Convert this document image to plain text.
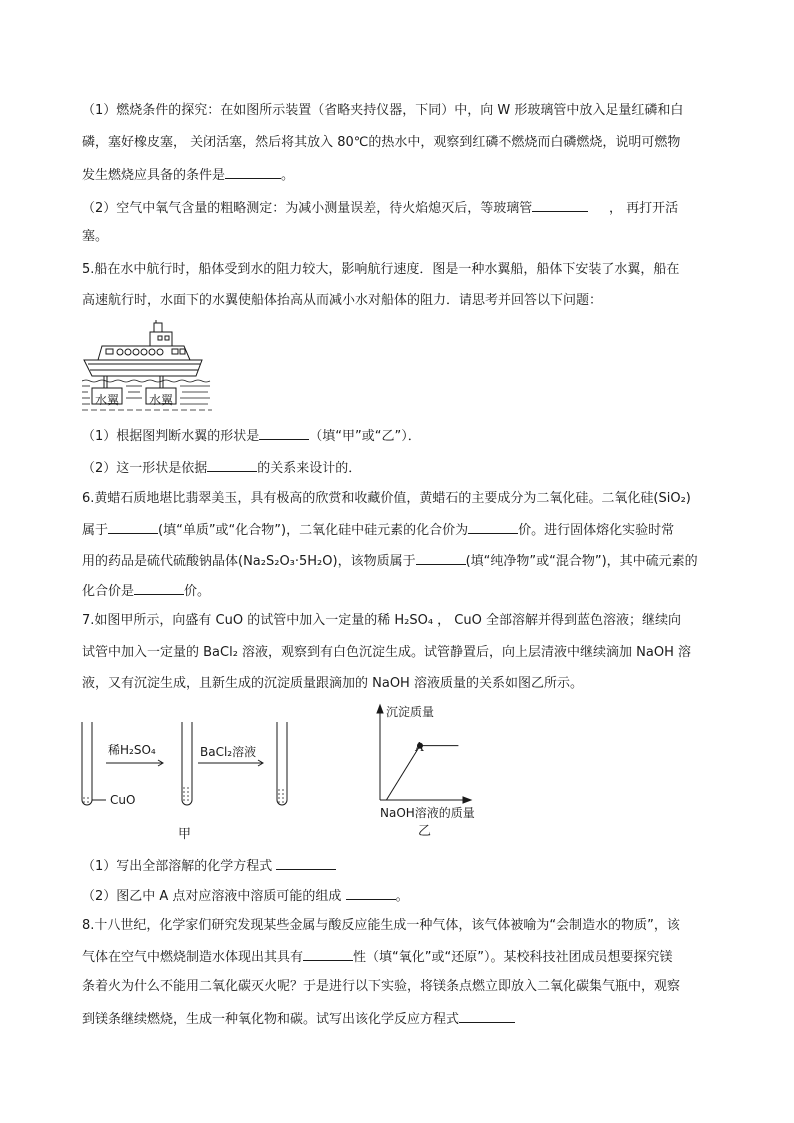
（1）燃烧条件的探究：在如图所示装置（省略夹持仪器，下同）中，向 W 形玻璃管中放入足量红磷和白
磷，塞好橡皮塞， 关闭活塞，然后将其放入 80℃的热水中，观察到红磷不燃烧而白磷燃烧，说明可燃物
发生燃烧应具备的条件是	。
（2）空气中氧气含量的粗略测定：为减小测量误差，待火焰熄灭后，等玻璃管	， 再打开活
塞。
5.船在水中航行时，船体受到水的阻力较大，影响航行速度．图是一种水翼船，船体下安装了水翼，船在
高速航行时，水面下的水翼使船体抬高从而减小水对船体的阻力．请思考并回答以下问题：
水翼 水翼
（1）根据图判断水翼的形状是	（填“甲”或“乙”）．
（2）这一形状是依据	的关系来设计的．
6.黄蜡石质地堪比翡翠美玉，具有极高的欣赏和收藏价值，黄蜡石的主要成分为二氧化硅。二氧化硅(SiO₂)
属于	(填“单质”或“化合物”)，二氧化硅中硅元素的化合价为	价。进行固体熔化实验时常
用的药品是硫代硫酸钠晶体(Na₂S₂O₃·5H₂O)，该物质属于	(填“纯净物”或“混合物”)，其中硫元素的
化合价是	价。
7.如图甲所示，向盛有 CuO 的试管中加入一定量的稀 H₂SO₄ ， CuO 全部溶解并得到蓝色溶液；继续向
试管中加入一定量的 BaCl₂ 溶液，观察到有白色沉淀生成。试管静置后，向上层清液中继续滴加 NaOH 溶
液，又有沉淀生成，且新生成的沉淀质量跟滴加的 NaOH 溶液质量的关系如图乙所示。
稀H₂SO₄	BaCl₂溶液
CuO
甲
A
沉淀质量
NaOH溶液的质量
乙
（1）写出全部溶解的化学方程式
（2）图乙中 A 点对应溶液中溶质可能的组成	。
8.十八世纪，化学家们研究发现某些金属与酸反应能生成一种气体，该气体被喻为“会制造水的物质”，该
气体在空气中燃烧制造水体现出其具有	性（填“氧化”或“还原”）。某校科技社团成员想要探究镁
条着火为什么不能用二氧化碳灭火呢？于是进行以下实验，将镁条点燃立即放入二氧化碳集气瓶中，观察
到镁条继续燃烧，生成一种氧化物和碳。试写出该化学反应方程式
